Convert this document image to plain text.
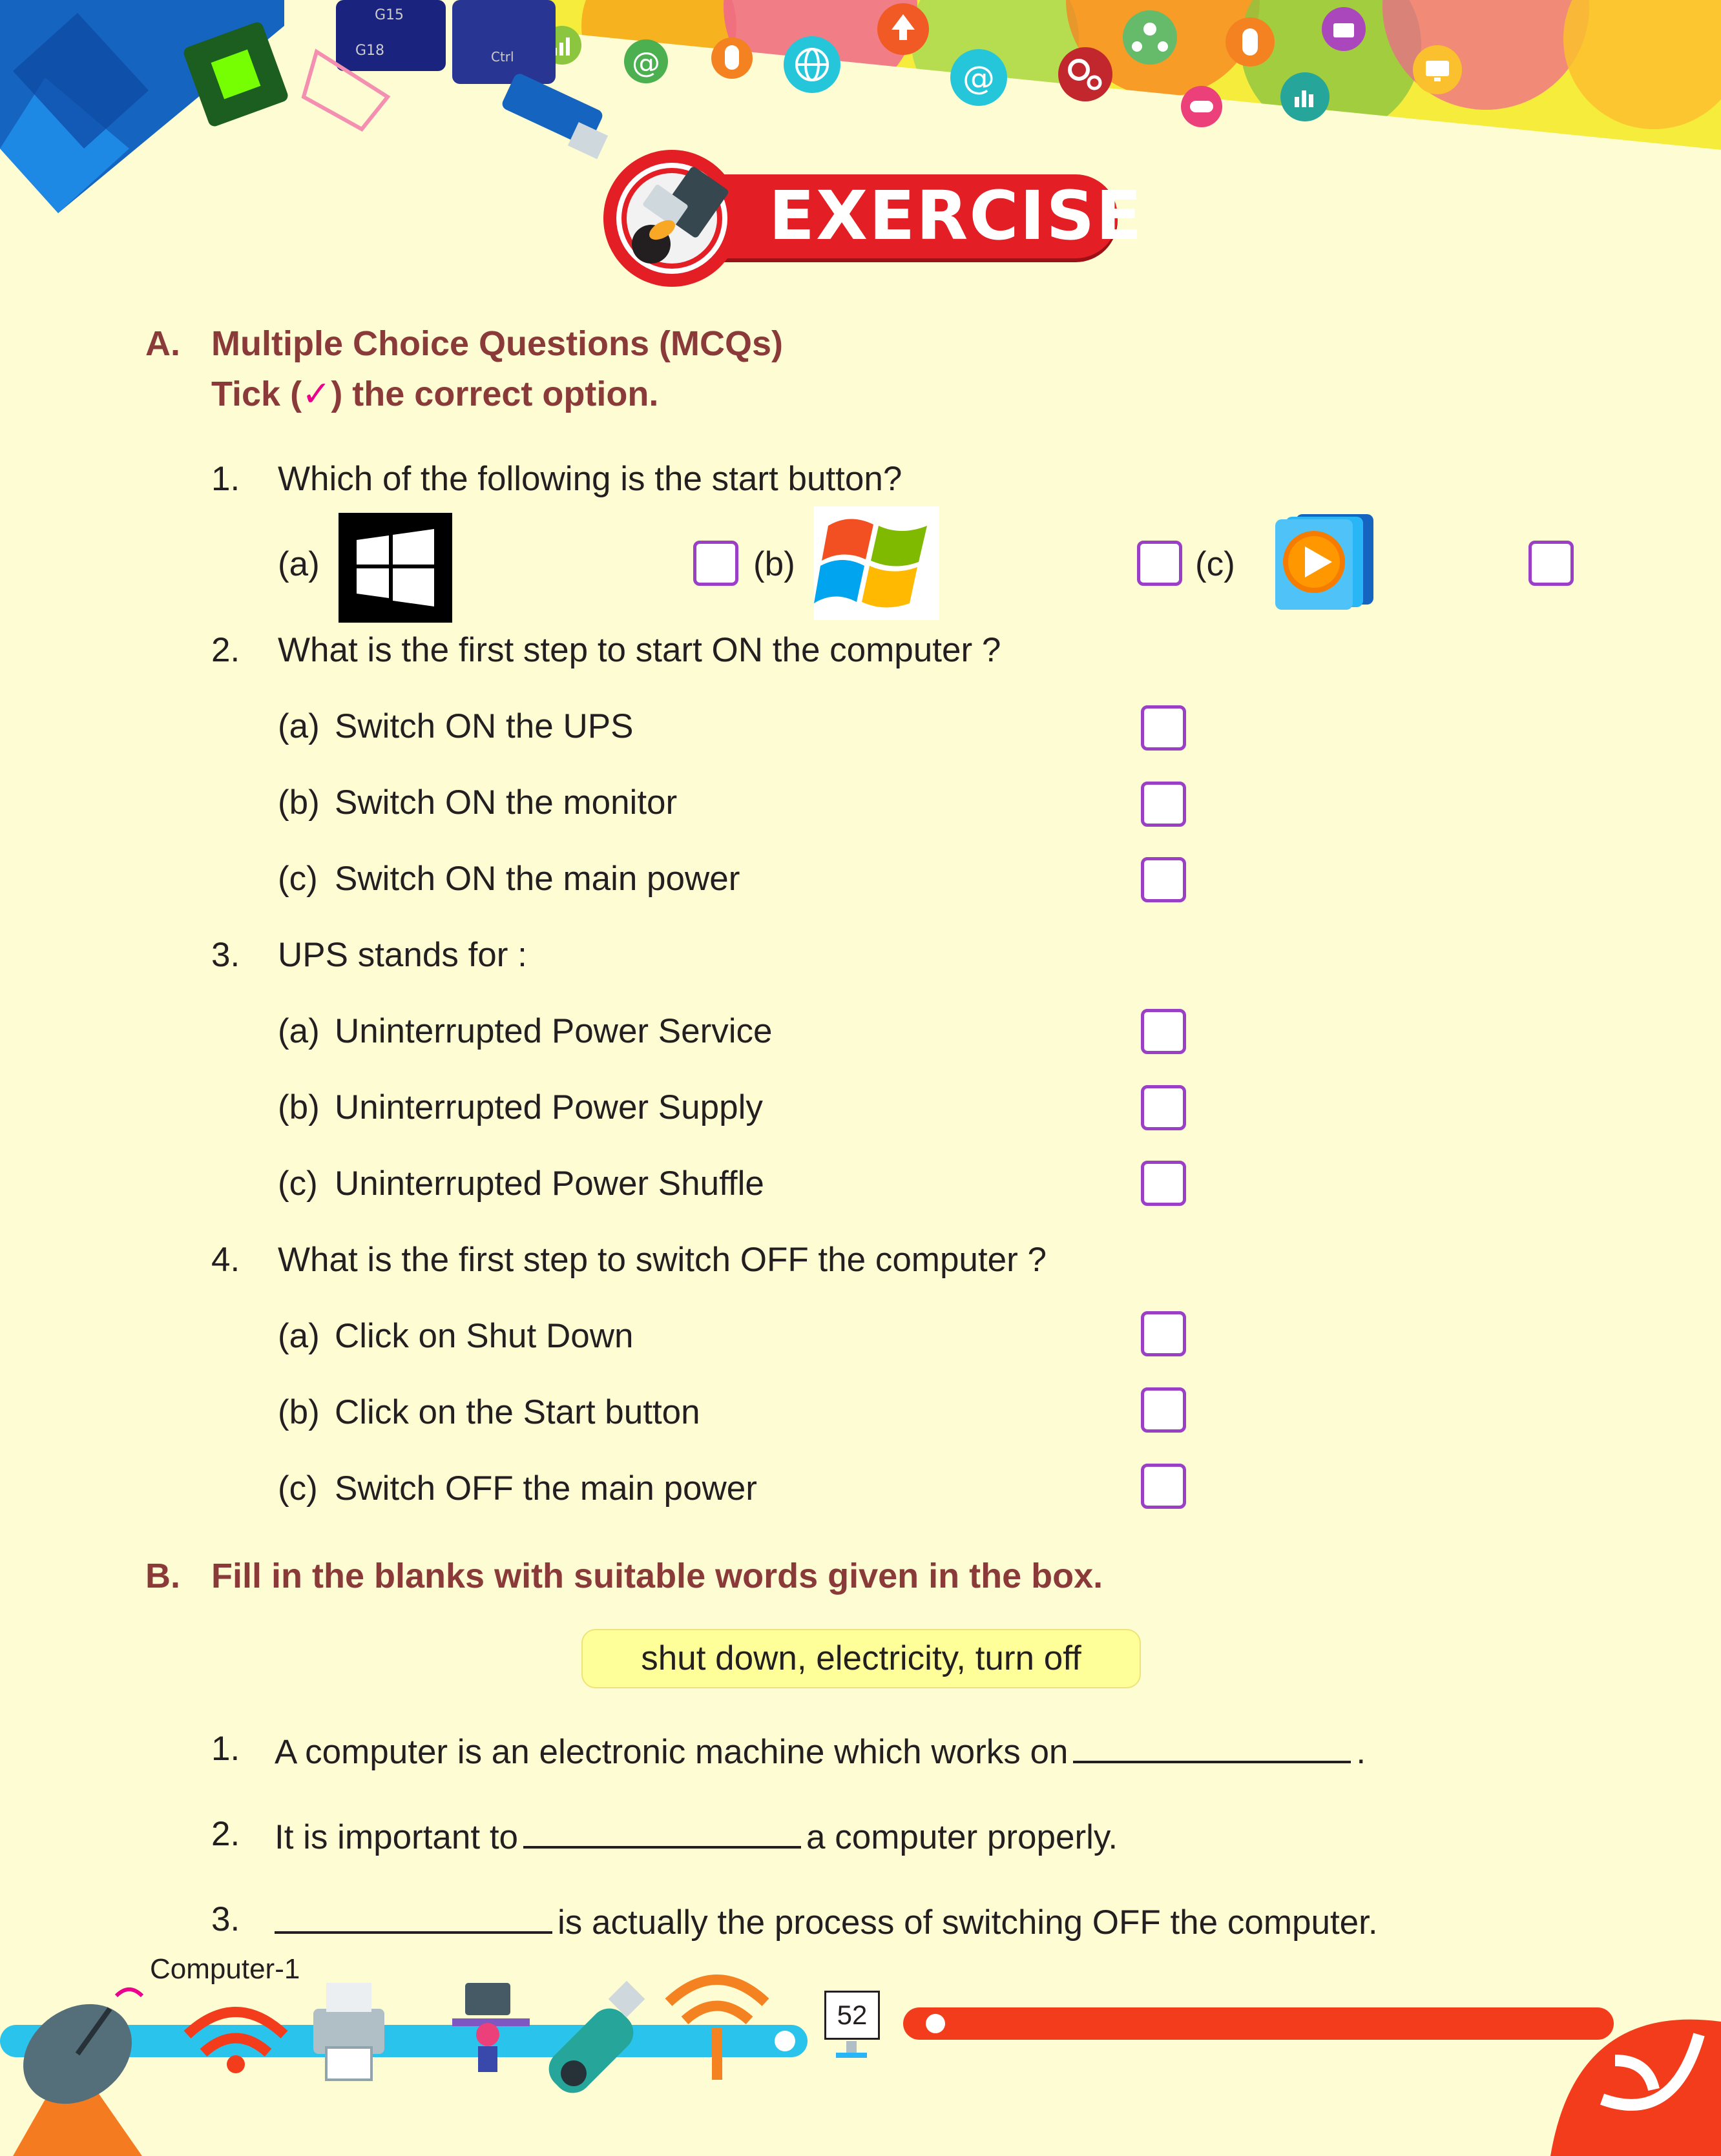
@	@
G15
G18	Ctrl
EXERCISE
A. Multiple Choice Questions (MCQs)
Tick (✓) the correct option.
1.	Which of the following is the start button?
(a)	(b)	(c)
2.	What is the first step to start ON the computer ?
(a) Switch ON the UPS
(b) Switch ON the monitor
(c) Switch ON the main power
3.	UPS stands for :
(a) Uninterrupted Power Service
(b) Uninterrupted Power Supply
(c) Uninterrupted Power Shuffle
4.	What is the first step to switch OFF the computer ?
(a) Click on Shut Down
(b) Click on the Start button
(c) Switch OFF the main power
B. Fill in the blanks with suitable words given in the box.
shut down, electricity, turn off
1.	A computer is an electronic machine which works on	.
2.	It is important to	a computer properly.
3.	is actually the process of switching OFF the computer.
Computer-1
52
